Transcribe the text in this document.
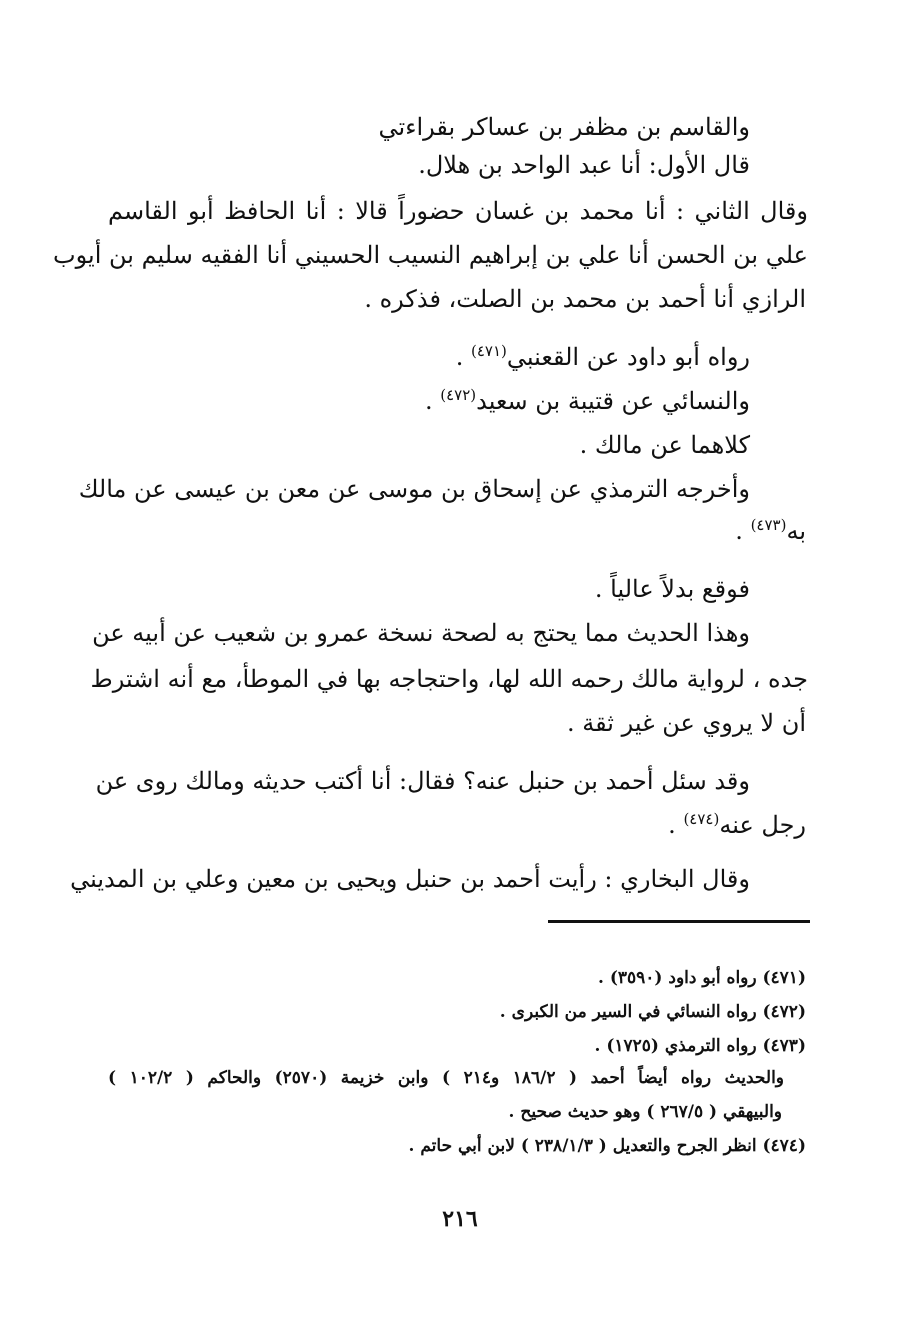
والقاسم بن مظفر بن عساكر بقراءتي
قال الأول: أنا عبد الواحد بن هلال.
وقال الثاني : أنا محمد بن غسان حضوراً قالا : أنا الحافظ أبو القاسم
علي بن الحسن أنا علي بن إبراهيم النسيب الحسيني أنا الفقيه سليم بن أيوب
الرازي أنا أحمد بن محمد بن الصلت، فذكره .
رواه أبو داود عن القعنبي$^{(٤٧١)}$ .
والنسائي عن قتيبة بن سعيد$^{(٤٧٢)}$ .
كلاهما عن مالك .
وأخرجه الترمذي عن إسحاق بن موسى عن معن بن عيسى عن مالك
به$^{(٤٧٣)}$ .
فوقع بدلاً عالياً .
وهذا الحديث مما يحتج به لصحة نسخة عمرو بن شعيب عن أبيه عن
جده ، لرواية مالك رحمه الله لها، واحتجاجه بها في الموطأ، مع أنه اشترط
أن لا يروي عن غير ثقة .
وقد سئل أحمد بن حنبل عنه؟ فقال: أنا أكتب حديثه ومالك روى عن
رجل عنه$^{(٤٧٤)}$ .
وقال البخاري : رأيت أحمد بن حنبل ويحيى بن معين وعلي بن المديني
(٤٧١) رواه أبو داود (٣٥٩٠) .
(٤٧٢) رواه النسائي في السير من الكبرى .
(٤٧٣) رواه الترمذي (١٧٢٥) .
والحديث رواه أيضاً أحمد ( ١٨٦/٢ و٢١٤ ) وابن خزيمة (٢٥٧٠) والحاكم ( ١٠٢/٢ )
والبيهقي ( ٢٦٧/٥ ) وهو حديث صحيح .
(٤٧٤) انظر الجرح والتعديل ( ٢٣٨/١/٣ ) لابن أبي حاتم .
٢١٦
